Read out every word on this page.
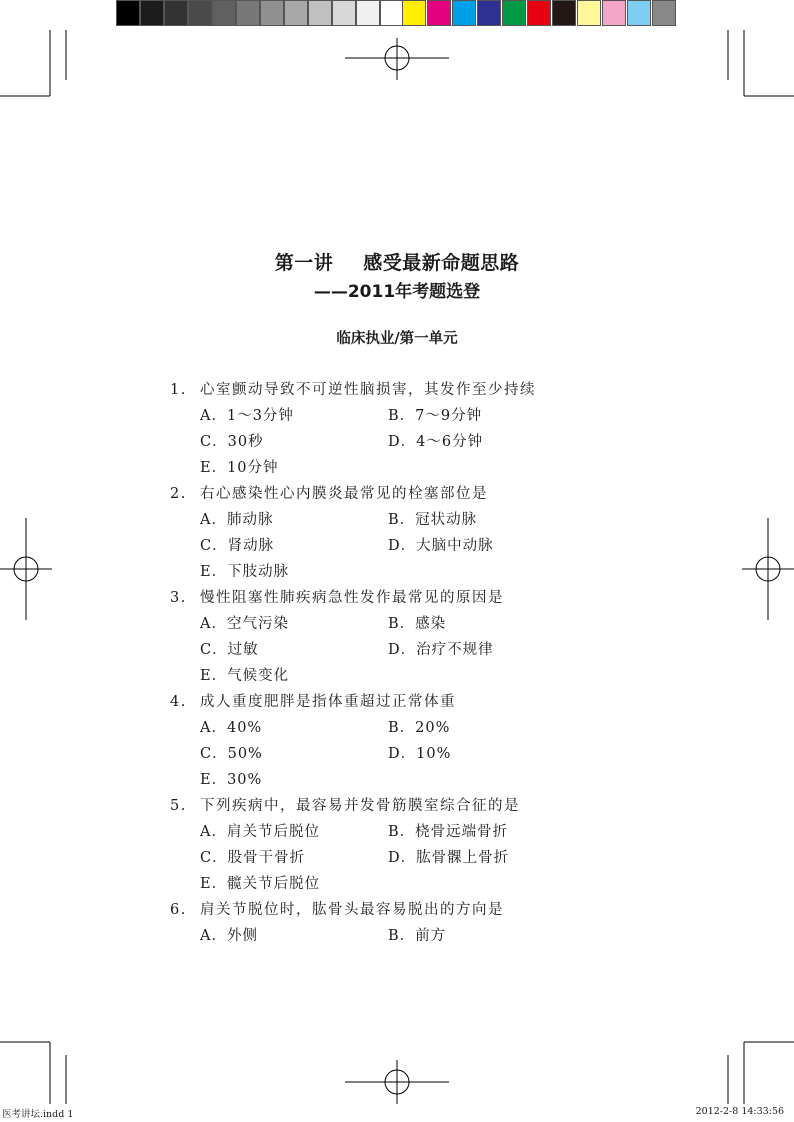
第一讲 感受最新命题思路
——2011年考题选登
临床执业/第一单元
1. 心室颤动导致不可逆性脑损害，其发作至少持续
A．1～3分钟	B．7～9分钟
C．30秒	D．4～6分钟
E．10分钟
2. 右心感染性心内膜炎最常见的栓塞部位是
A．肺动脉	B．冠状动脉
C．肾动脉	D．大脑中动脉
E．下肢动脉
3. 慢性阻塞性肺疾病急性发作最常见的原因是
A．空气污染	B．感染
C．过敏	D．治疗不规律
E．气候变化
4. 成人重度肥胖是指体重超过正常体重
A．40%	B．20%
C．50%	D．10%
E．30%
5. 下列疾病中，最容易并发骨筋膜室综合征的是
A．肩关节后脱位	B．桡骨远端骨折
C．股骨干骨折	D．肱骨髁上骨折
E．髋关节后脱位
6. 肩关节脱位时，肱骨头最容易脱出的方向是
A．外侧	B．前方
医考讲坛.indd 1	2012-2-8 14:33:56
